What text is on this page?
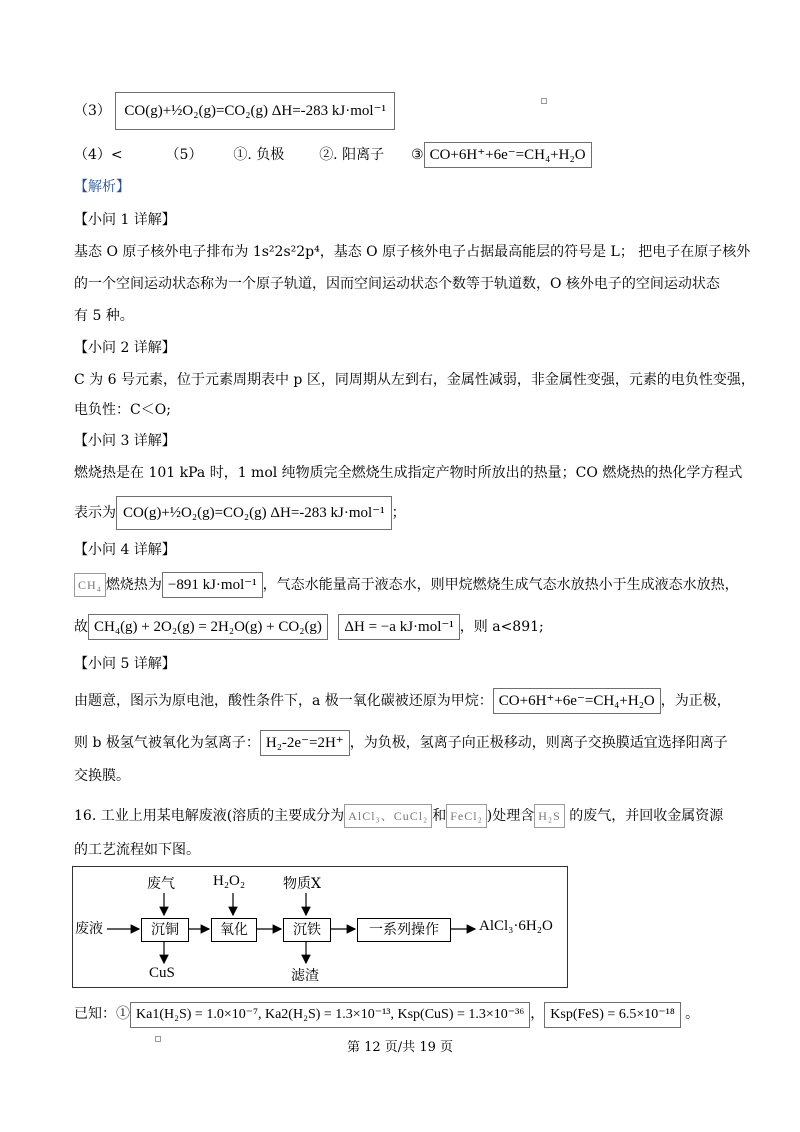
（3） CO(g)+½O₂(g)=CO₂(g) ΔH=-283 kJ·mol⁻¹
（4）<	（5） ①. 负极 ②. 阳离子 ③ CO+6H⁺+6e⁻=CH₄+H₂O
【解析】
【小问 1 详解】
基态 O 原子核外电子排布为 1s²2s²2p⁴，基态 O 原子核外电子占据最高能层的符号是 L； 把电子在原子核外
的一个空间运动状态称为一个原子轨道，因而空间运动状态个数等于轨道数，O 核外电子的空间运动状态
有 5 种。
【小问 2 详解】
C 为 6 号元素，位于元素周期表中 p 区，同周期从左到右，金属性减弱，非金属性变强，元素的电负性变强，
电负性：C＜O;
【小问 3 详解】
燃烧热是在 101 kPa 时，1 mol 纯物质完全燃烧生成指定产物时所放出的热量；CO 燃烧热的热化学方程式
表示为 CO(g)+½O₂(g)=CO₂(g) ΔH=-283 kJ·mol⁻¹ ；
【小问 4 详解】
CH₄ 燃烧热为 −891 kJ·mol⁻¹ ，气态水能量高于液态水，则甲烷燃烧生成气态水放热小于生成液态水放热，
故 CH₄(g) + 2O₂(g) = 2H₂O(g) + CO₂(g) ΔH = −a kJ·mol⁻¹ ，则 a<891;
【小问 5 详解】
由题意，图示为原电池，酸性条件下，a 极一氧化碳被还原为甲烷： CO+6H⁺+6e⁻=CH₄+H₂O ，为正极，
则 b 极氢气被氧化为氢离子： H₂-2e⁻=2H⁺ ，为负极，氢离子向正极移动，则离子交换膜适宜选择阳离子
交换膜。
16. 工业上用某电解废液(溶质的主要成分为 AlCl₃、CuCl₂ 和 FeCl₂ )处理含 H₂S 的废气，并回收金属资源
的工艺流程如下图。
废液	沉铜	氧化	沉铁	一系列操作	AlCl₃·6H₂O
废气	H₂O₂	物质X
CuS	滤渣
已知：① Ka1(H₂S) = 1.0×10⁻⁷, Ka2(H₂S) = 1.3×10⁻¹³, Ksp(CuS) = 1.3×10⁻³⁶ ， Ksp(FeS) = 6.5×10⁻¹⁸ 。
第 12 页/共 19 页
